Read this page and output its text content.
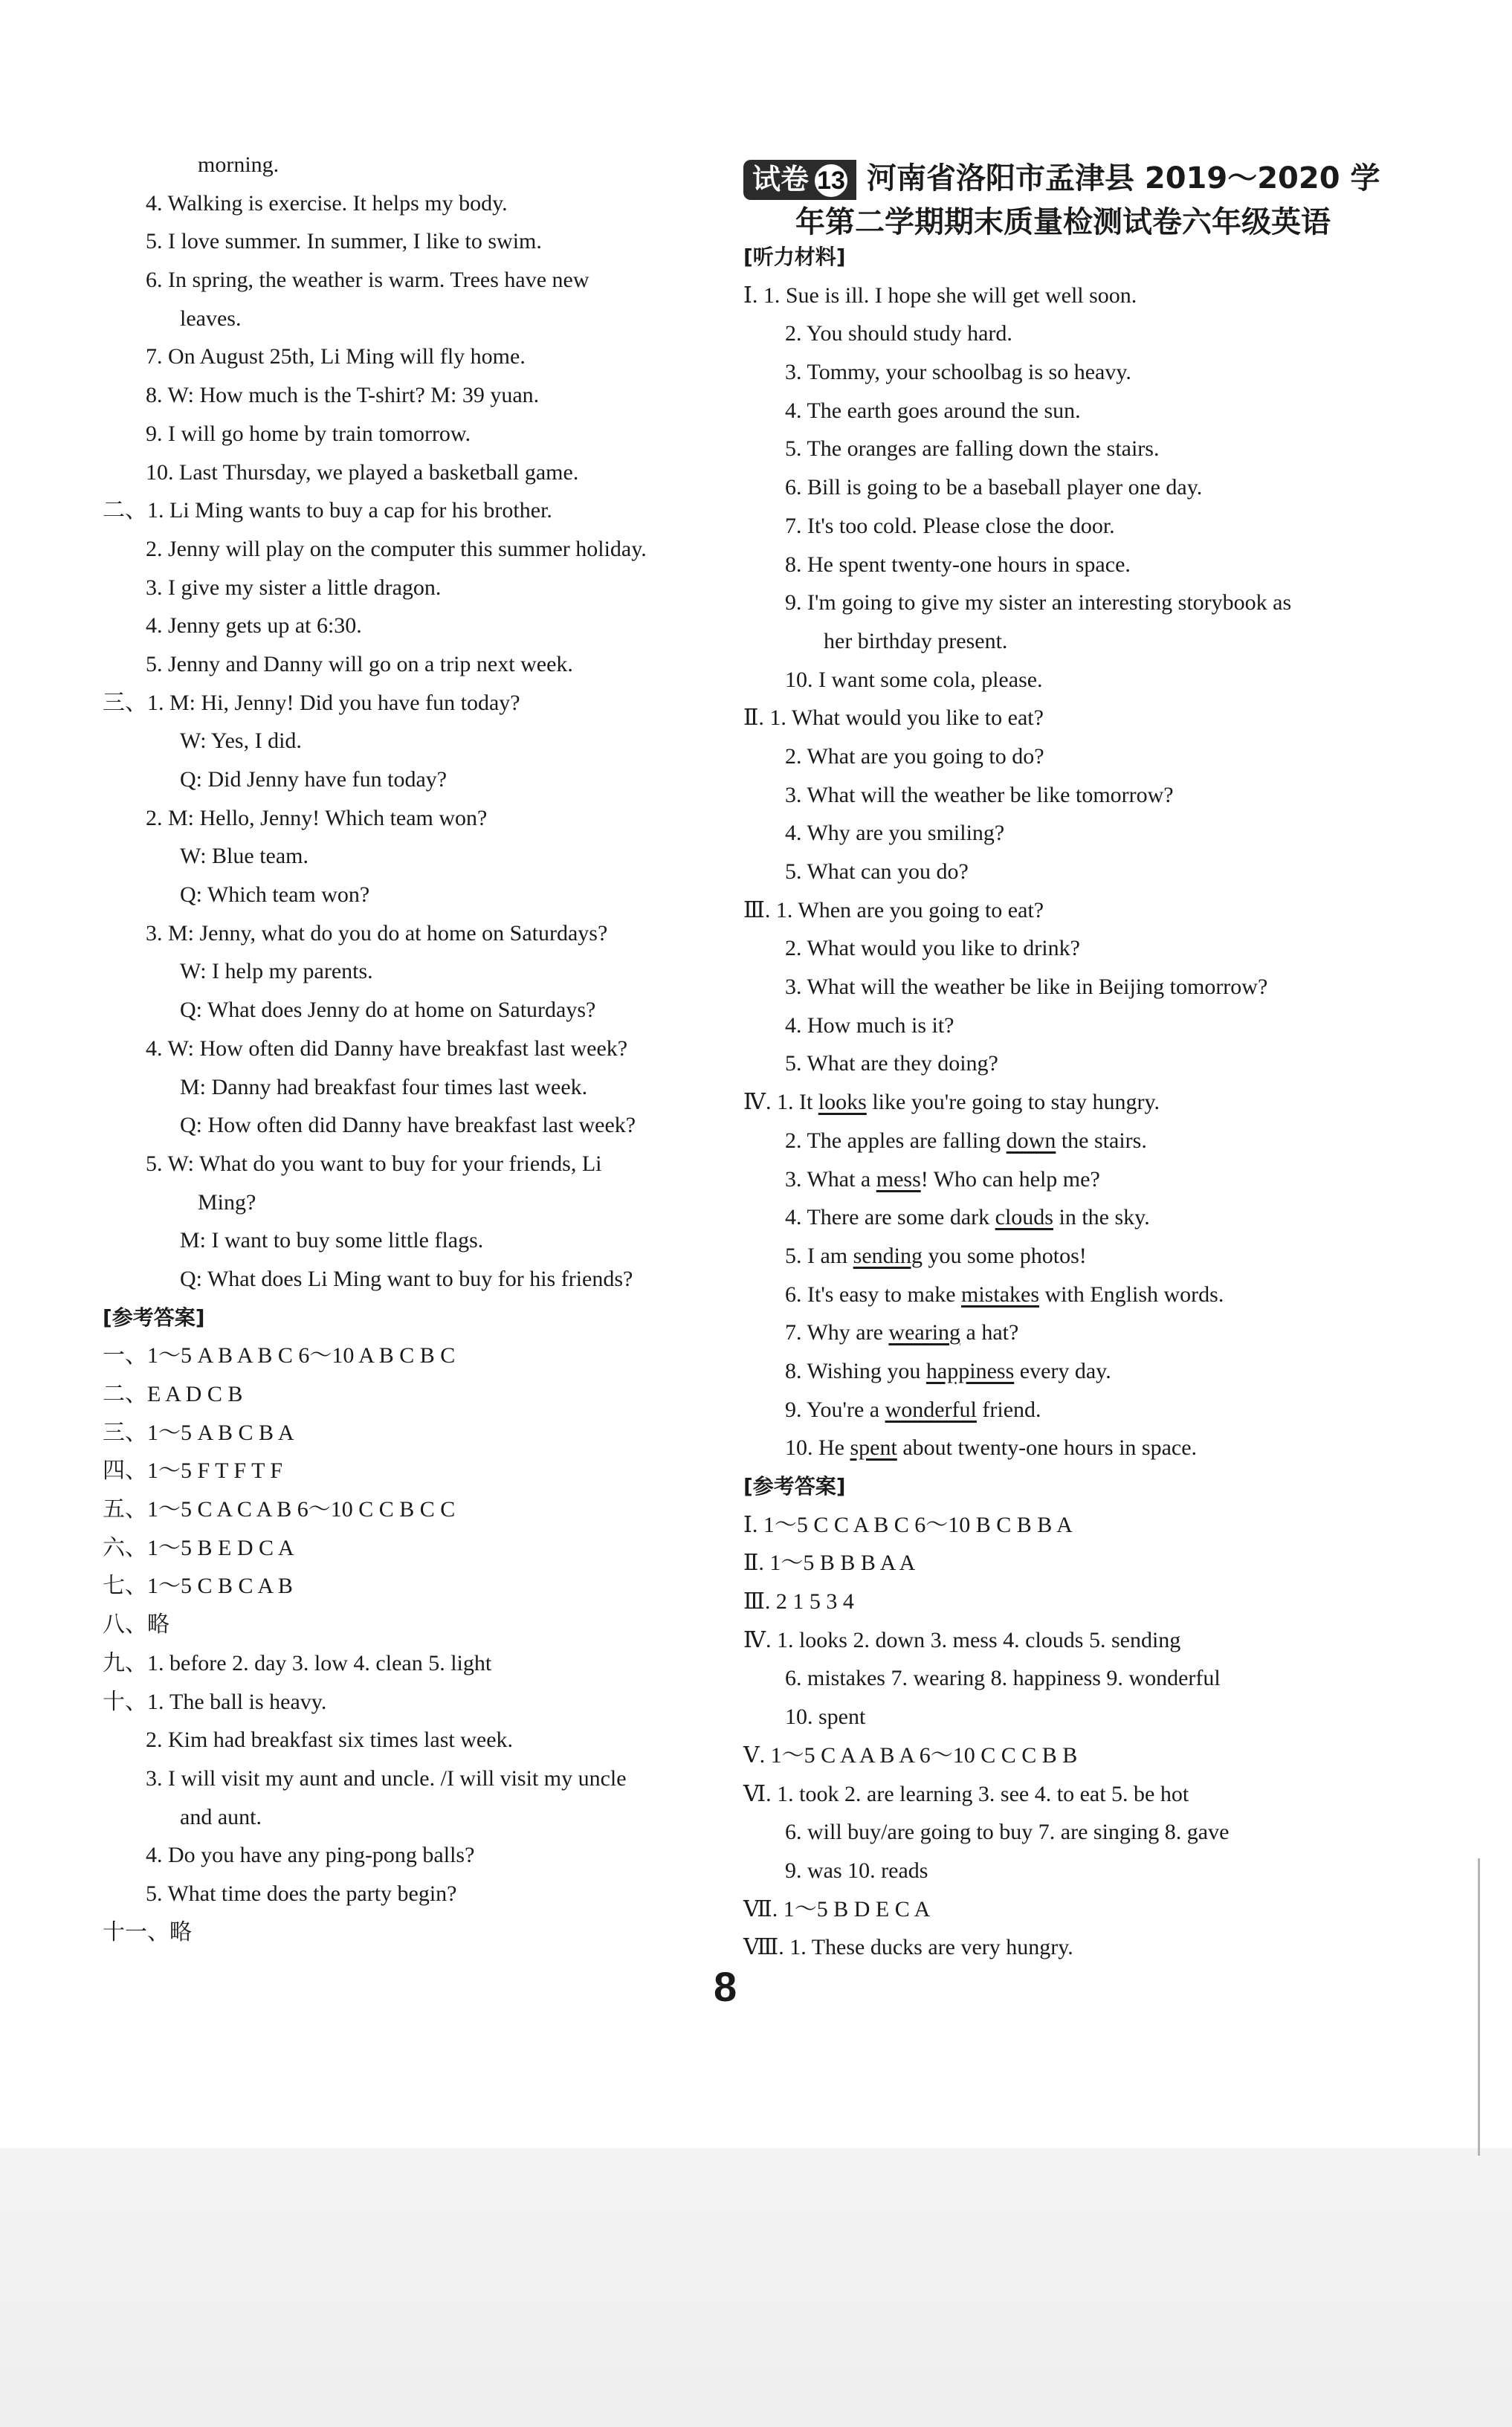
morning.
4. Walking is exercise. It helps my body.
5. I love summer. In summer, I like to swim.
6. In spring, the weather is warm. Trees have new
leaves.
7. On August 25th, Li Ming will fly home.
8. W: How much is the T-shirt? M: 39 yuan.
9. I will go home by train tomorrow.
10. Last Thursday, we played a basketball game.
二、1. Li Ming wants to buy a cap for his brother.
2. Jenny will play on the computer this summer holiday.
3. I give my sister a little dragon.
4. Jenny gets up at 6:30.
5. Jenny and Danny will go on a trip next week.
三、1. M: Hi, Jenny! Did you have fun today?
W: Yes, I did.
Q: Did Jenny have fun today?
2. M: Hello, Jenny! Which team won?
W: Blue team.
Q: Which team won?
3. M: Jenny, what do you do at home on Saturdays?
W: I help my parents.
Q: What does Jenny do at home on Saturdays?
4. W: How often did Danny have breakfast last week?
M: Danny had breakfast four times last week.
Q: How often did Danny have breakfast last week?
5. W: What do you want to buy for your friends, Li
Ming?
M: I want to buy some little flags.
Q: What does Li Ming want to buy for his friends?
[参考答案]
一、1～5 A B A B C 6～10 A B C B C
二、E A D C B
三、1～5 A B C B A
四、1～5 F T F T F
五、1～5 C A C A B 6～10 C C B C C
六、1～5 B E D C A
七、1～5 C B C A B
八、略
九、1. before 2. day 3. low 4. clean 5. light
十、1. The ball is heavy.
2. Kim had breakfast six times last week.
3. I will visit my aunt and uncle. /I will visit my uncle
and aunt.
4. Do you have any ping-pong balls?
5. What time does the party begin?
十一、略
试卷 13 河南省洛阳市孟津县 2019～2020 学
年第二学期期末质量检测试卷六年级英语
[听力材料]
Ⅰ. 1. Sue is ill. I hope she will get well soon.
2. You should study hard.
3. Tommy, your schoolbag is so heavy.
4. The earth goes around the sun.
5. The oranges are falling down the stairs.
6. Bill is going to be a baseball player one day.
7. It's too cold. Please close the door.
8. He spent twenty-one hours in space.
9. I'm going to give my sister an interesting storybook as
her birthday present.
10. I want some cola, please.
Ⅱ. 1. What would you like to eat?
2. What are you going to do?
3. What will the weather be like tomorrow?
4. Why are you smiling?
5. What can you do?
Ⅲ. 1. When are you going to eat?
2. What would you like to drink?
3. What will the weather be like in Beijing tomorrow?
4. How much is it?
5. What are they doing?
Ⅳ. 1. It looks like you're going to stay hungry.
2. The apples are falling down the stairs.
3. What a mess! Who can help me?
4. There are some dark clouds in the sky.
5. I am sending you some photos!
6. It's easy to make mistakes with English words.
7. Why are wearing a hat?
8. Wishing you happiness every day.
9. You're a wonderful friend.
10. He spent about twenty-one hours in space.
[参考答案]
Ⅰ. 1～5 C C A B C 6～10 B C B B A
Ⅱ. 1～5 B B B A A
Ⅲ. 2 1 5 3 4
Ⅳ. 1. looks 2. down 3. mess 4. clouds 5. sending
6. mistakes 7. wearing 8. happiness 9. wonderful
10. spent
Ⅴ. 1～5 C A A B A 6～10 C C C B B
Ⅵ. 1. took 2. are learning 3. see 4. to eat 5. be hot
6. will buy/are going to buy 7. are singing 8. gave
9. was 10. reads
Ⅶ. 1～5 B D E C A
Ⅷ. 1. These ducks are very hungry.
8
